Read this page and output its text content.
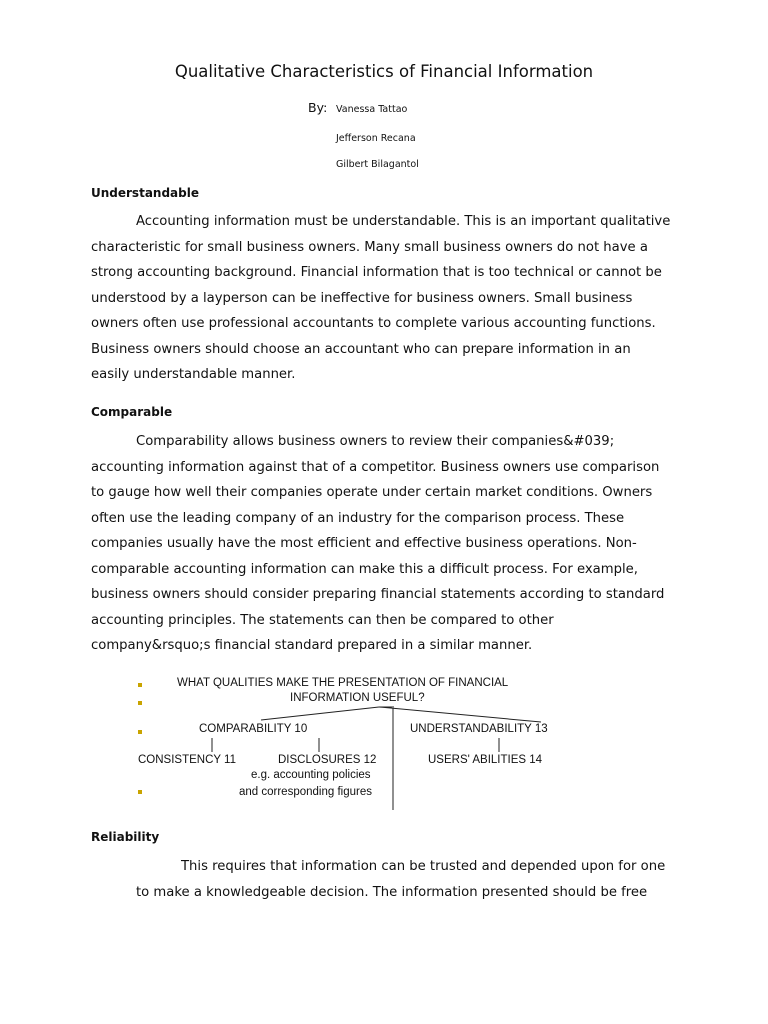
Qualitative Characteristics of Financial Information
By: Vanessa Tattao
Jefferson Recana
Gilbert Bilagantol
Understandable
Accounting information must be understandable. This is an important qualitative
characteristic for small business owners. Many small business owners do not have a
strong accounting background. Financial information that is too technical or cannot be
understood by a layperson can be ineffective for business owners. Small business
owners often use professional accountants to complete various accounting functions.
Business owners should choose an accountant who can prepare information in an
easily understandable manner.
Comparable
Comparability allows business owners to review their companies&#039;
accounting information against that of a competitor. Business owners use comparison
to gauge how well their companies operate under certain market conditions. Owners
often use the leading company of an industry for the comparison process. These
companies usually have the most efficient and effective business operations. Non-
comparable accounting information can make this a difficult process. For example,
business owners should consider preparing financial statements according to standard
accounting principles. The statements can then be compared to other
company&rsquo;s financial standard prepared in a similar manner.
WHAT QUALITIES MAKE THE PRESENTATION OF FINANCIAL
INFORMATION USEFUL?
COMPARABILITY 10	UNDERSTANDABILITY 13
CONSISTENCY 11	DISCLOSURES 12	USERS' ABILITIES 14
e.g. accounting policies
and corresponding figures
Reliability
This requires that information can be trusted and depended upon for one
to make a knowledgeable decision. The information presented should be free
